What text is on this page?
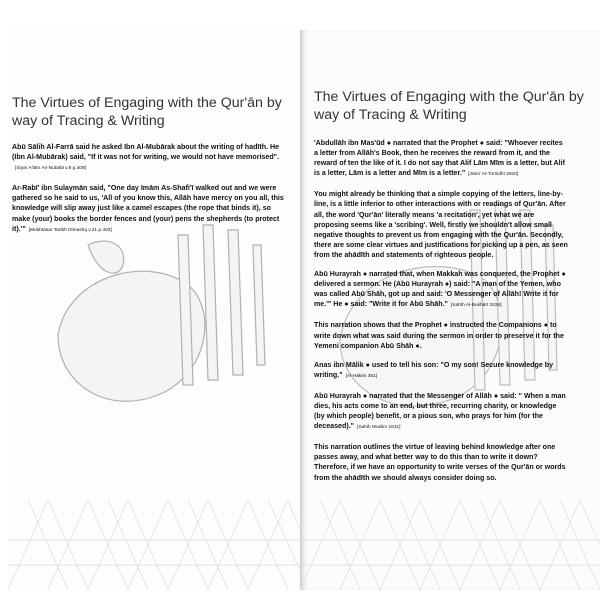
The Virtues of Engaging with the Qur'ān by way of Tracing & Writing

Abū Sālih Al-Farrā said he asked Ibn Al-Mubārak about the writing of hadīth. He (Ibn Al-Mubārak) said, "If it was not for writing, we would not have memorised".[Siyar A'lām An-Nubalā v.8 p.409]

Ar-Rabī' ibn Sulaymān said, "One day Imām As-Shafi'ī walked out and we were gathered so he said to us, 'All of you know this, Allāh have mercy on you all, this knowledge will slip away just like a camel escapes (the rope that binds it), so make (your) books the border fences and (your) pens the shepherds (to protect it).'" [Mukhtasar Tarīkh Dimashq v.21 p.403]

The Virtues of Engaging with the Qur'ān by way of Tracing & Writing

'Abdullāh ibn Mas'ūd ● narrated that the Prophet ● said: "Whoever recites a letter from Allāh's Book, then he receives the reward from it, and the reward of ten the like of it. I do not say that Alif Lām Mīm is a letter, but Alif is a letter, Lām is a letter and Mīm is a letter." [Jāmi' At-Tirmidhī 2910]

You might already be thinking that a simple copying of the letters, line-by-line, is a little inferior to other interactions with or readings of Qur'ān. After all, the word 'Qur'ān' literally means 'a recitation', yet what we are proposing seems like a 'scribing'. Well, firstly we shouldn't allow small negative thoughts to prevent us from engaging with the Qur'ān. Secondly, there are some clear virtues and justifications for picking up a pen, as seen from the ahādīth and statements of righteous people.

Abū Hurayrah ● narrated that, when Makkah was conquered, the Prophet ● delivered a sermon. He (Abū Hurayrah ●) said: "A man of the Yemen, who was called Abū Shāh, got up and said: 'O Messenger of Allāh! Write it for me.'" He ● said: "Write it for Abū Shāh." [Sahīh Al-Bukhārī 2434]

This narration shows that the Prophet ● instructed the Companions ● to write down what was said during the sermon in order to preserve it for the Yemeni companion Abū Shāh ●.

Anas ibn Mālik ● used to tell his son: "O my son! Secure knowledge by writing." [Al-Hākim 361]

Abū Hurayrah ● narrated that the Messenger of Allāh ● said: " When a man dies, his acts come to an end, but three, recurring charity, or knowledge (by which people) benefit, or a pious son, who prays for him (for the deceased)." [Sahih Muslim 1631]

This narration outlines the virtue of leaving behind knowledge after one passes away, and what better way to do this than to write it down? Therefore, if we have an opportunity to write verses of the Qur'ān or words from the ahādīth we should always consider doing so.
